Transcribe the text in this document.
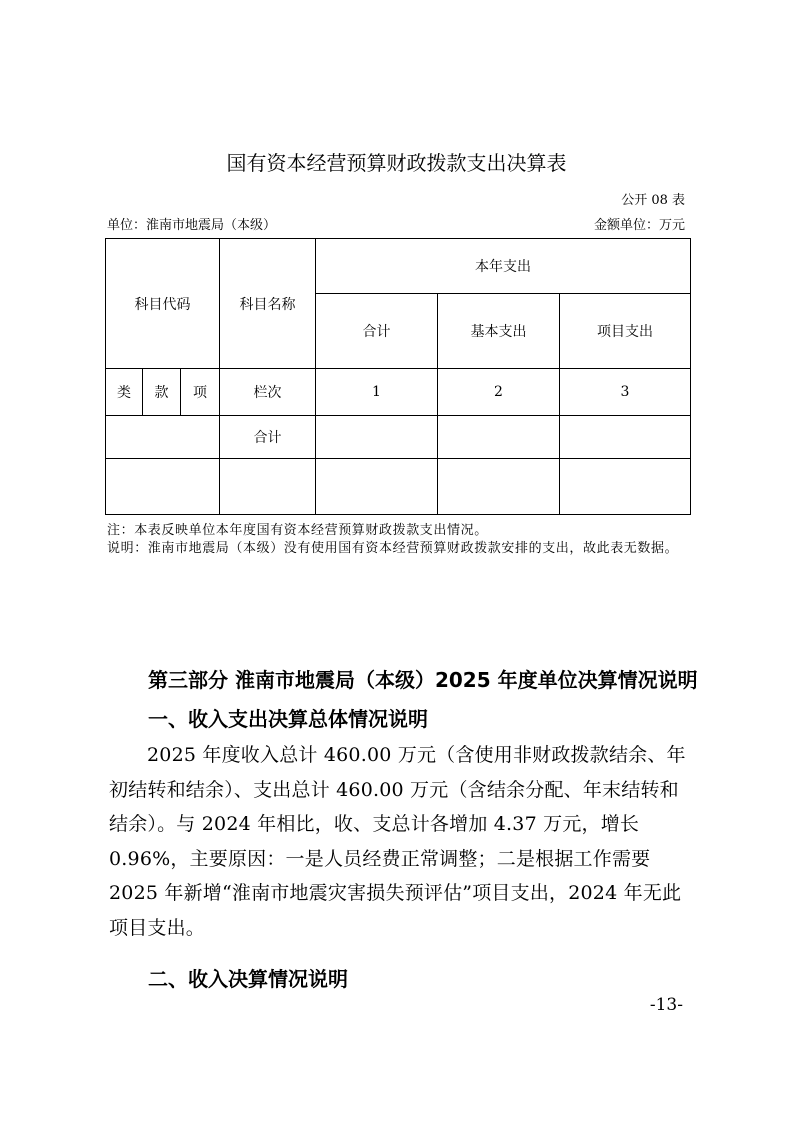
国有资本经营预算财政拨款支出决算表
公开 08 表
单位：淮南市地震局（本级）	金额单位：万元
科目代码			科目名称	本年支出		
				合计	基本支出	项目支出
类	款	项	栏次	1	2	3
			合计			

注：本表反映单位本年度国有资本经营预算财政拨款支出情况。

说明：淮南市地震局（本级）没有使用国有资本经营预算财政拨款安排的支出，故此表无数据。

第三部分 淮南市地震局（本级）2025 年度单位决算情况说明
一、收入支出决算总体情况说明

2025 年度收入总计 460.00 万元（含使用非财政拨款结余、年初结转和结余）、支出总计 460.00 万元（含结余分配、年末结转和结余）。与 2024 年相比，收、支总计各增加 4.37 万元，增长 0.96%，主要原因：一是人员经费正常调整；二是根据工作需要 2025 年新增“淮南市地震灾害损失预评估”项目支出，2024 年无此项目支出。

二、收入决算情况说明
-13-
